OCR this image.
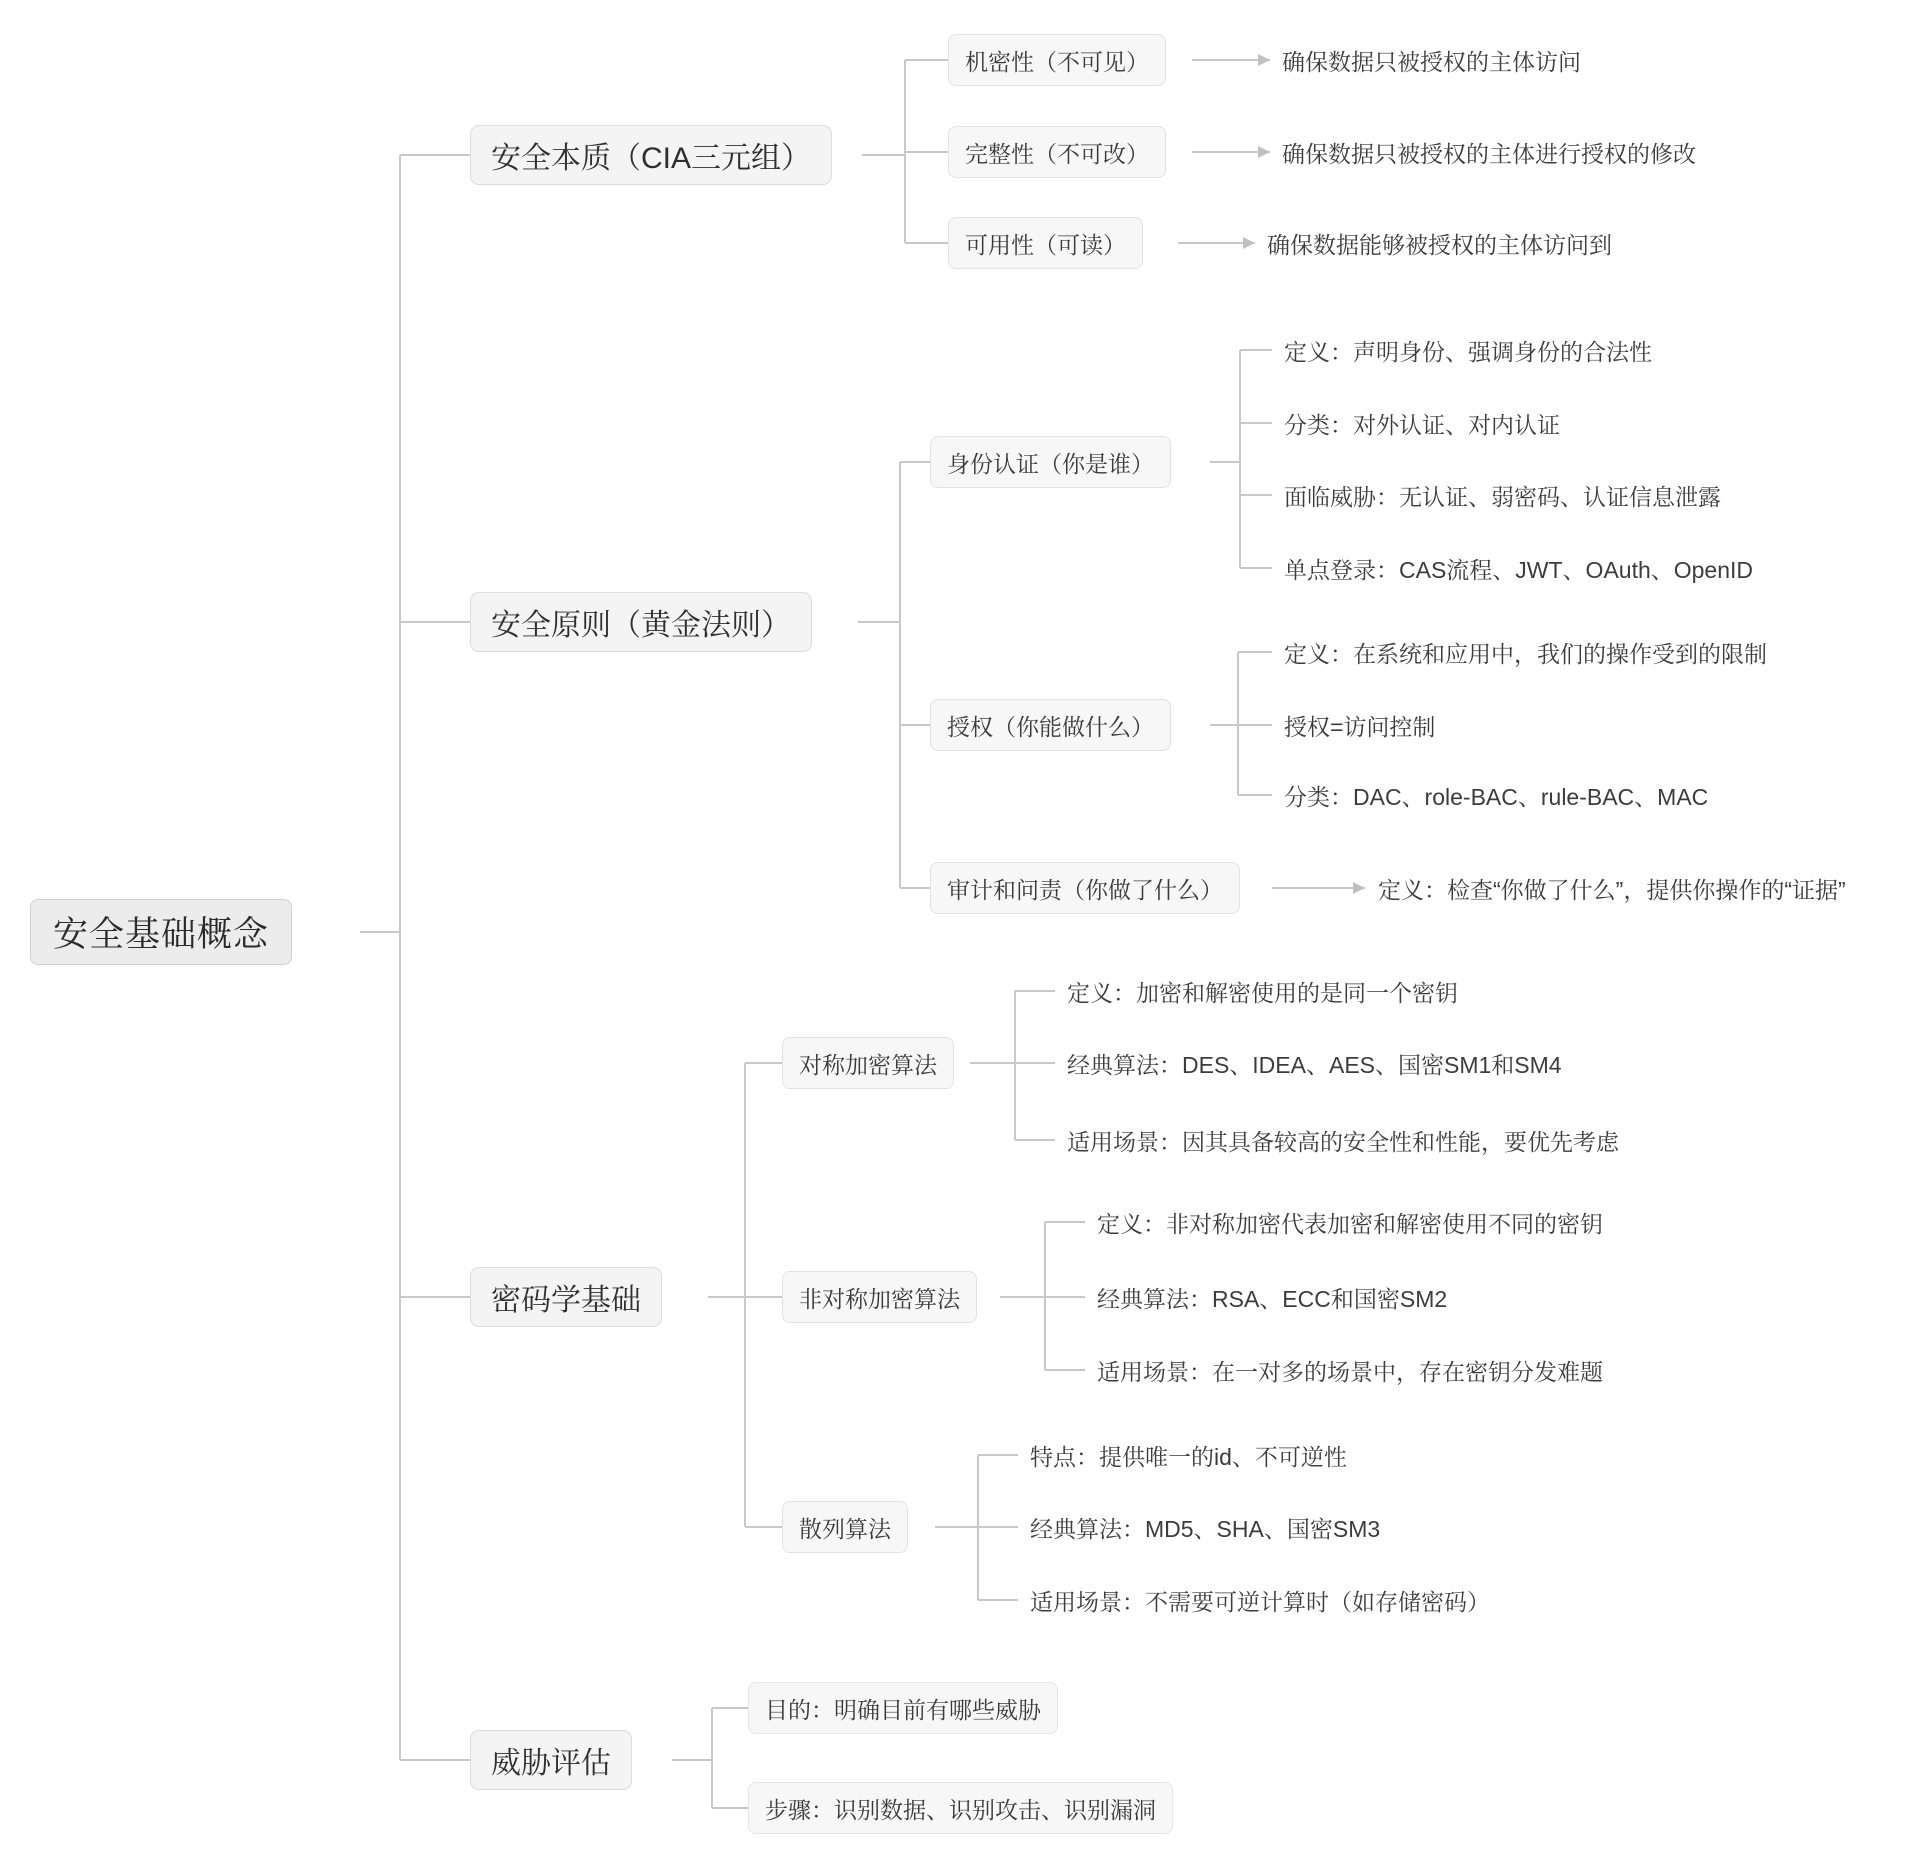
安全基础概念
安全本质（CIA三元组）
机密性（不可见）
完整性（不可改）
可用性（可读）
确保数据只被授权的主体访问
确保数据只被授权的主体进行授权的修改
确保数据能够被授权的主体访问到
安全原则（黄金法则）
身份认证（你是谁）
定义：声明身份、强调身份的合法性
分类：对外认证、对内认证
面临威胁：无认证、弱密码、认证信息泄露
单点登录：CAS流程、JWT、OAuth、OpenID
授权（你能做什么）
定义：在系统和应用中，我们的操作受到的限制
授权=访问控制
分类：DAC、role-BAC、rule-BAC、MAC
审计和问责（你做了什么）	定义：检查“你做了什么”，提供你操作的“证据”
密码学基础
对称加密算法
定义：加密和解密使用的是同一个密钥
经典算法：DES、IDEA、AES、国密SM1和SM4
适用场景：因其具备较高的安全性和性能，要优先考虑
非对称加密算法
定义：非对称加密代表加密和解密使用不同的密钥
经典算法：RSA、ECC和国密SM2
适用场景：在一对多的场景中，存在密钥分发难题
散列算法
特点：提供唯一的id、不可逆性
经典算法：MD5、SHA、国密SM3
适用场景：不需要可逆计算时（如存储密码）
威胁评估
目的：明确目前有哪些威胁
步骤：识别数据、识别攻击、识别漏洞
